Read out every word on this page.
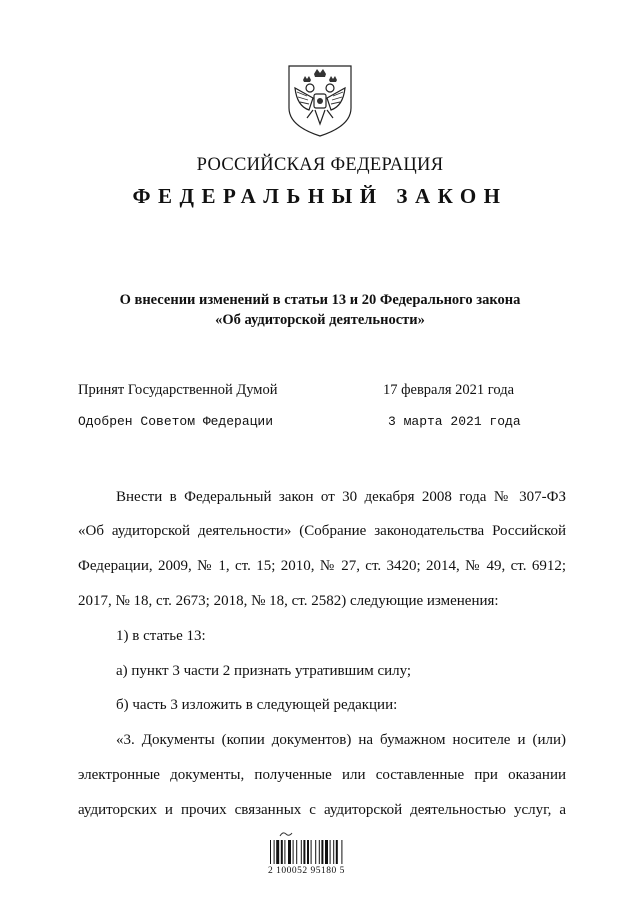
РОССИЙСКАЯ ФЕДЕРАЦИЯ
ФЕДЕРАЛЬНЫЙ ЗАКОН
О внесении изменений в статьи 13 и 20 Федерального закона
«Об аудиторской деятельности»
Принят Государственной Думой	17 февраля 2021 года
Одобрен Советом Федерации	3 марта 2021 года
Внести в Федеральный закон от 30 декабря 2008 года № 307-ФЗ
«Об аудиторской деятельности» (Собрание законодательства Российской
Федерации, 2009, № 1, ст. 15; 2010, № 27, ст. 3420; 2014, № 49, ст. 6912;
2017, № 18, ст. 2673; 2018, № 18, ст. 2582) следующие изменения:
1) в статье 13:
а) пункт 3 части 2 признать утратившим силу;
б) часть 3 изложить в следующей редакции:
«3. Документы (копии документов) на бумажном носителе и (или)
электронные документы, полученные или составленные при оказании
аудиторских и прочих связанных с аудиторской деятельностью услуг, а
2 100052 95180 5
